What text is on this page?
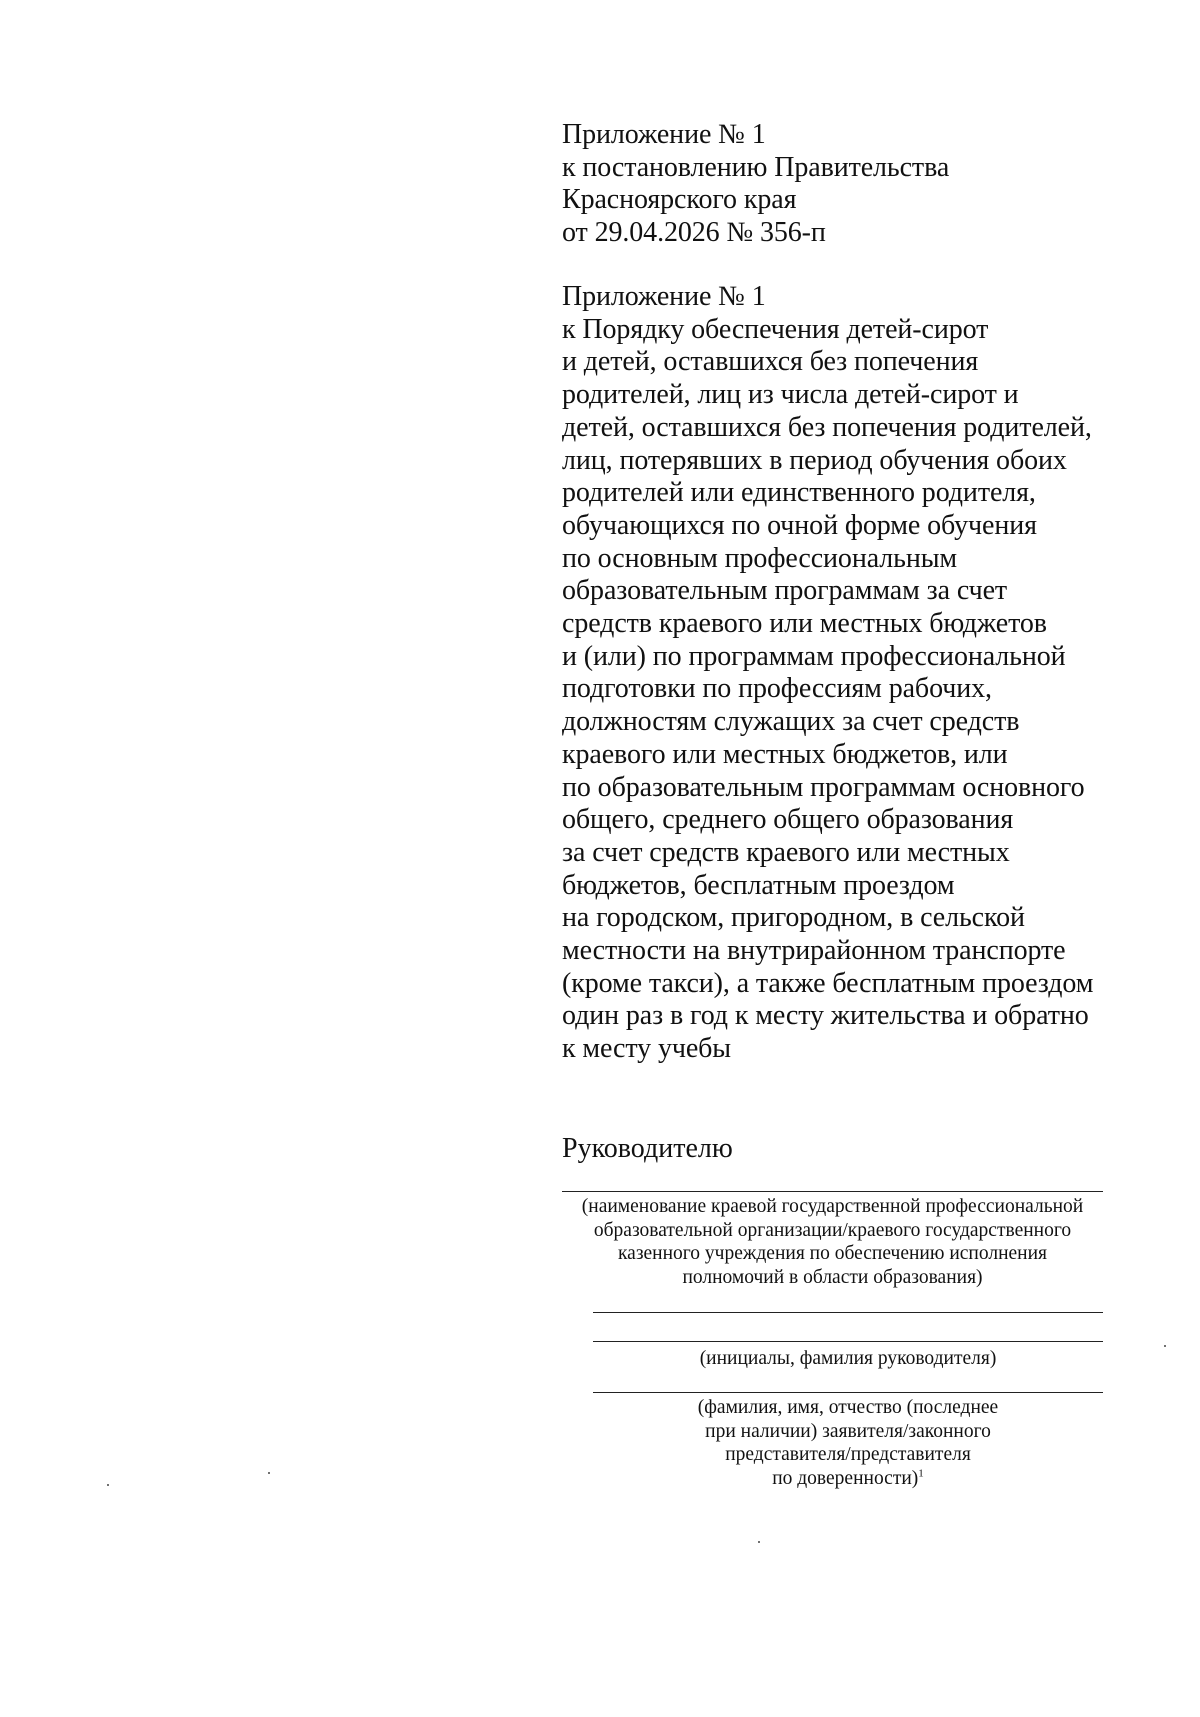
Приложение № 1
к постановлению Правительства
Красноярского края
от 29.04.2026 № 356-п
Приложение № 1
к Порядку обеспечения детей-сирот
и детей, оставшихся без попечения
родителей, лиц из числа детей-сирот и
детей, оставшихся без попечения родителей,
лиц, потерявших в период обучения обоих
родителей или единственного родителя,
обучающихся по очной форме обучения
по основным профессиональным
образовательным программам за счет
средств краевого или местных бюджетов
и (или) по программам профессиональной
подготовки по профессиям рабочих,
должностям служащих за счет средств
краевого или местных бюджетов, или
по образовательным программам основного
общего, среднего общего образования
за счет средств краевого или местных
бюджетов, бесплатным проездом
на городском, пригородном, в сельской
местности на внутрирайонном транспорте
(кроме такси), а также бесплатным проездом
один раз в год к месту жительства и обратно
к месту учебы
Руководителю
(наименование краевой государственной профессиональной
образовательной организации/краевого государственного
казенного учреждения по обеспечению исполнения
полномочий в области образования)
(инициалы, фамилия руководителя)
(фамилия, имя, отчество (последнее
при наличии) заявителя/законного
представителя/представителя
по доверенности)$^1$
